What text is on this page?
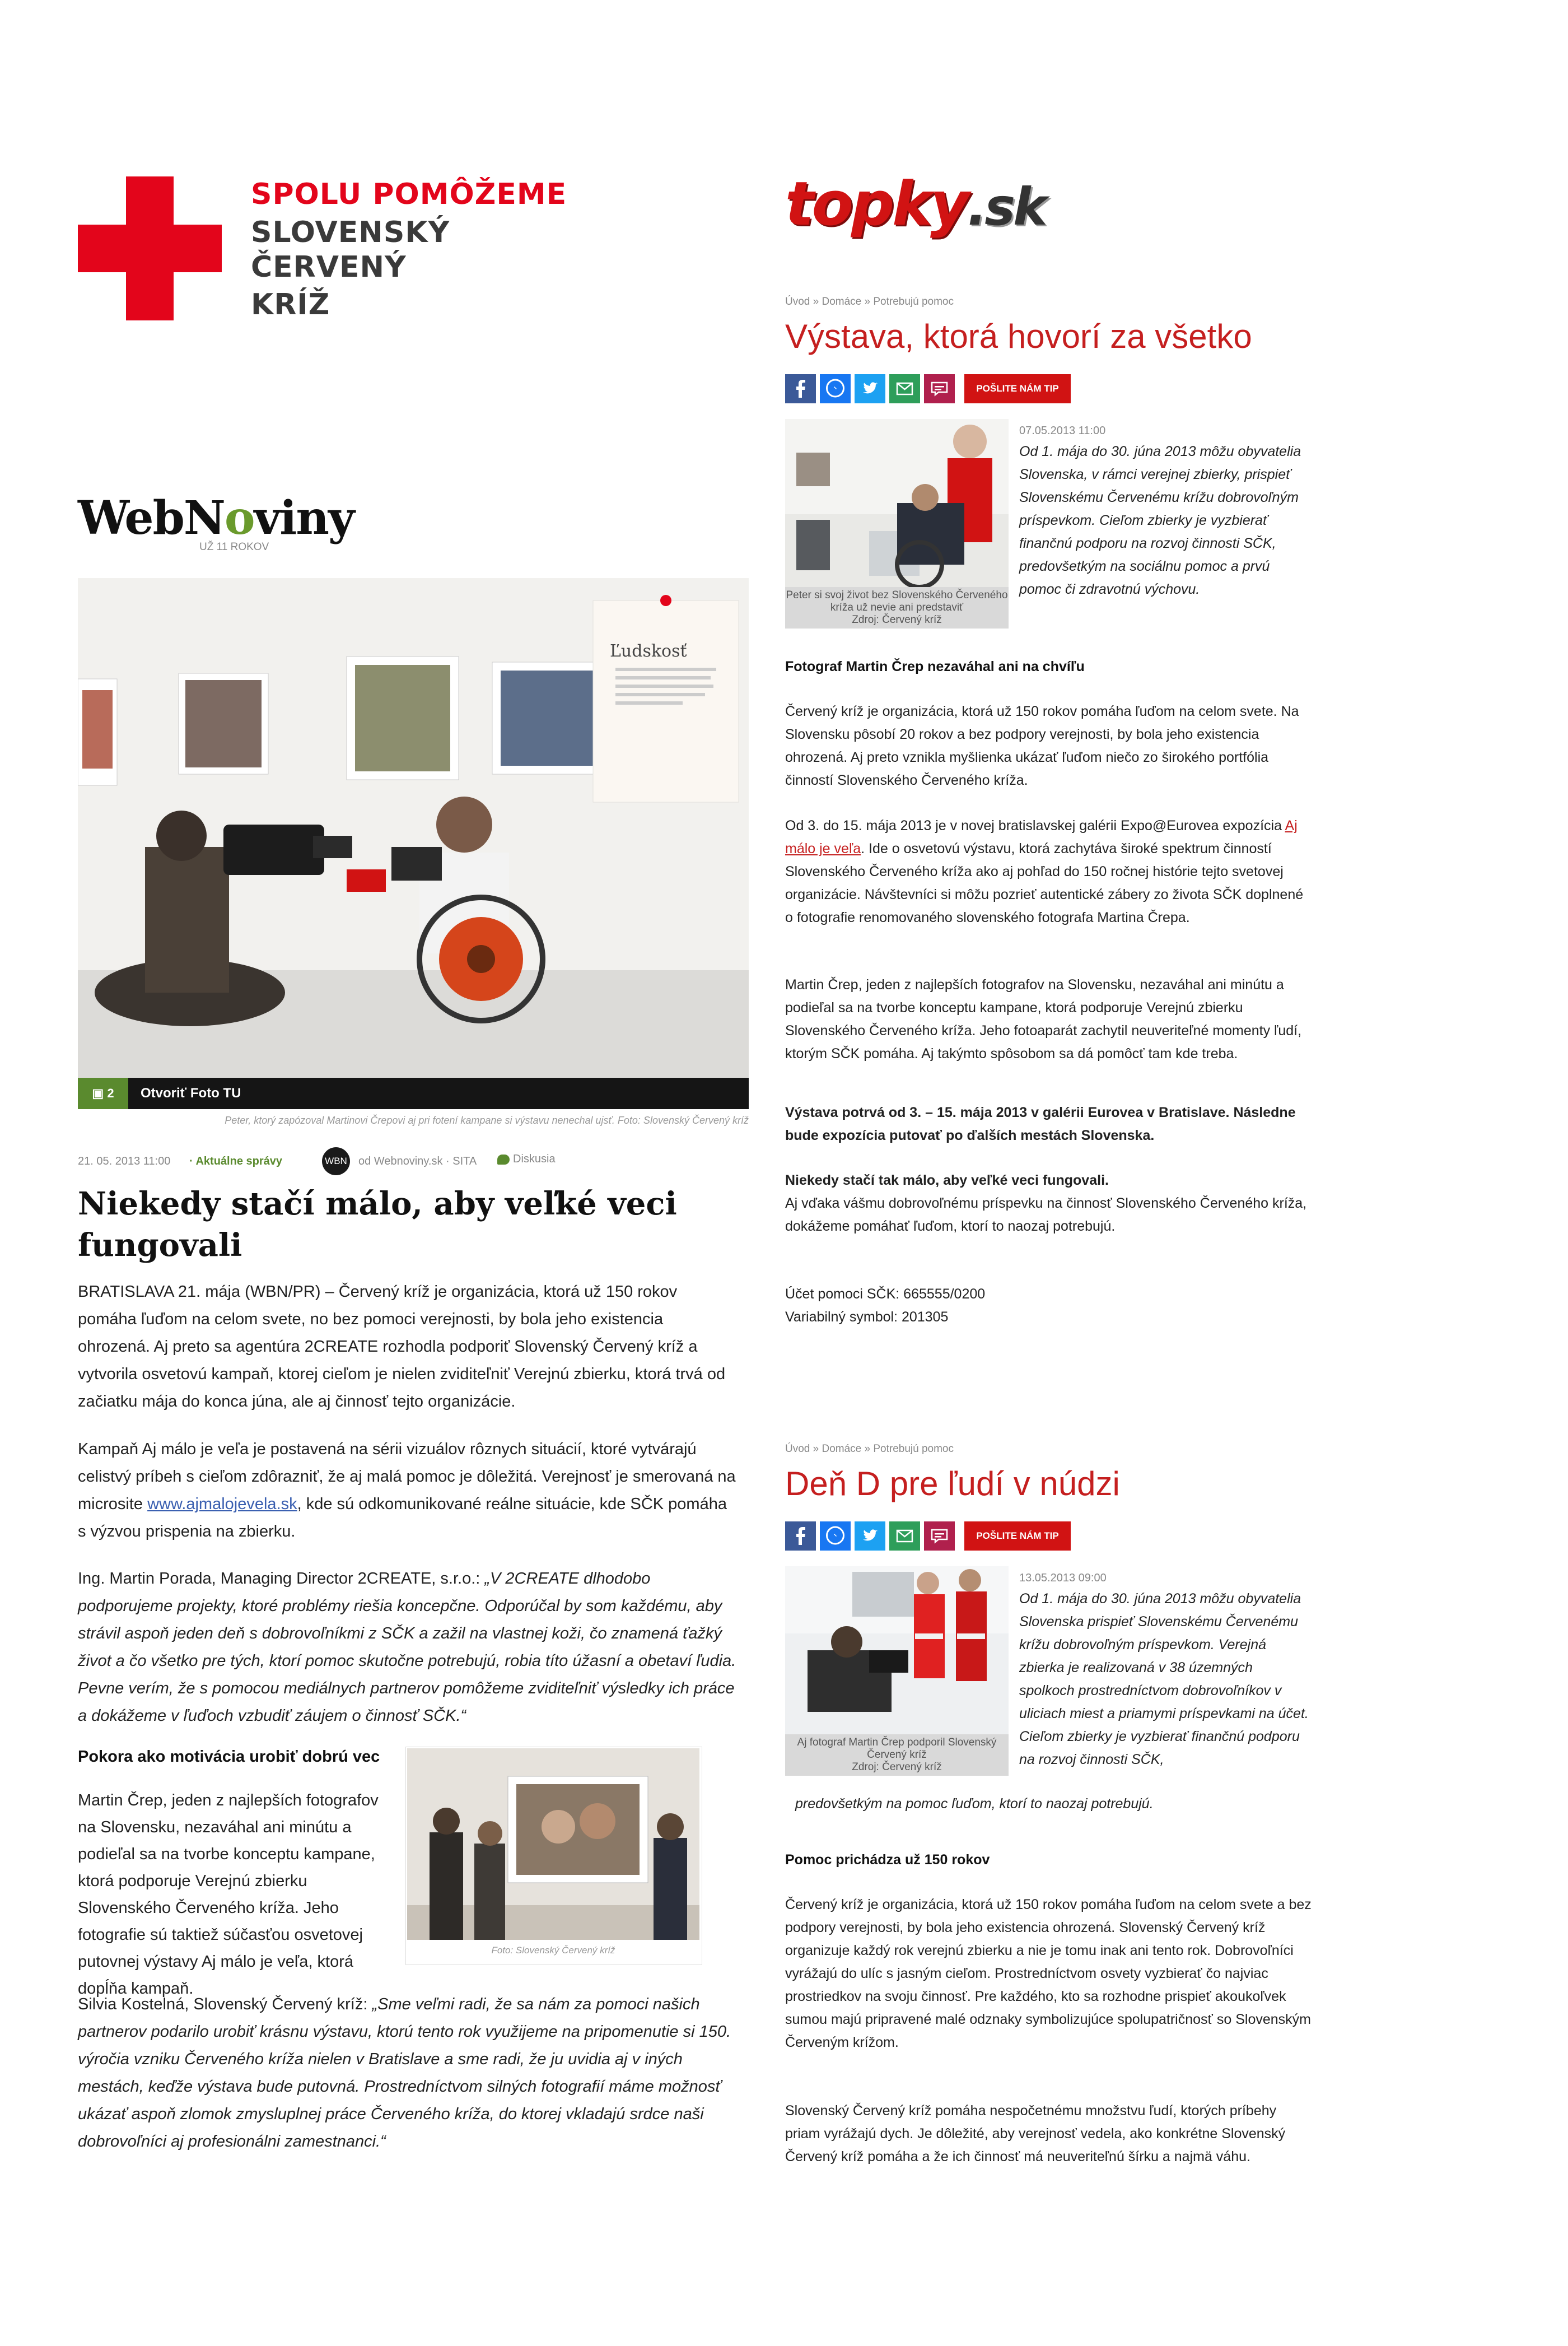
SPOLU POMÔŽEME
SLOVENSKÝ
ČERVENÝ
KRÍŽ
WebNoviny
UŽ 11 ROKOV
Ľudskosť
▣ 2	Otvoriť Foto TU
Peter, ktorý zapózoval Martinovi Črepovi aj pri fotení kampane si výstavu nenechal ujsť. Foto: Slovenský Červený kríž
21. 05. 2013 11:00 · Aktuálne správy	WBN od Webnoviny.sk · SITA	Diskusia
Niekedy stačí málo, aby veľké veci fungovali
BRATISLAVA 21. mája (WBN/PR) – Červený kríž je organizácia, ktorá už 150 rokov pomáha ľuďom na celom svete, no bez pomoci verejnosti, by bola jeho existencia ohrozená. Aj preto sa agentúra 2CREATE rozhodla podporiť Slovenský Červený kríž a vytvorila osvetovú kampaň, ktorej cieľom je nielen zviditeľniť Verejnú zbierku, ktorá trvá od začiatku mája do konca júna, ale aj činnosť tejto organizácie.
Kampaň Aj málo je veľa je postavená na sérii vizuálov rôznych situácií, ktoré vytvárajú celistvý príbeh s cieľom zdôrazniť, že aj malá pomoc je dôležitá. Verejnosť je smerovaná na microsite www.ajmalojevela.sk, kde sú odkomunikované reálne situácie, kde SČK pomáha s výzvou prispenia na zbierku.
Ing. Martin Porada, Managing Director 2CREATE, s.r.o.: „V 2CREATE dlhodobo podporujeme projekty, ktoré problémy riešia koncepčne. Odporúčal by som každému, aby strávil aspoň jeden deň s dobrovoľníkmi z SČK a zažil na vlastnej koži, čo znamená ťažký život a čo všetko pre tých, ktorí pomoc skutočne potrebujú, robia títo úžasní a obetaví ľudia. Pevne verím, že s pomocou mediálnych partnerov pomôžeme zviditeľniť výsledky ich práce a dokážeme v ľuďoch vzbudiť záujem o činnosť SČK.“
Pokora ako motivácia urobiť dobrú vec
Martin Črep, jeden z najlepších fotografov na Slovensku, nezaváhal ani minútu a podieľal sa na tvorbe konceptu kampane, ktorá podporuje Verejnú zbierku Slovenského Červeného kríža. Jeho fotografie sú taktiež súčasťou osvetovej putovnej výstavy Aj málo je veľa, ktorá dopĺňa kampaň.
Foto: Slovenský Červený kríž
Silvia Kostelná, Slovenský Červený kríž: „Sme veľmi radi, že sa nám za pomoci našich partnerov podarilo urobiť krásnu výstavu, ktorú tento rok využijeme na pripomenutie si 150. výročia vzniku Červeného kríža nielen v Bratislave a sme radi, že ju uvidia aj v iných mestách, keďže výstava bude putovná. Prostredníctvom silných fotografií máme možnosť ukázať aspoň zlomok zmysluplnej práce Červeného kríža, do ktorej vkladajú srdce naši dobrovoľníci aj profesionálni zamestnanci.“
topky.sk
Úvod » Domáce » Potrebujú pomoc
Výstava, ktorá hovorí za všetko
POŠLITE NÁM TIP
Peter si svoj život bez Slovenského Červeného kríža už nevie ani predstaviť
Zdroj: Červený kríž
07.05.2013 11:00
Od 1. mája do 30. júna 2013 môžu obyvatelia Slovenska, v rámci verejnej zbierky, prispieť Slovenskému Červenému krížu dobrovoľným príspevkom. Cieľom zbierky je vyzbierať finančnú podporu na rozvoj činnosti SČK, predovšetkým na sociálnu pomoc a prvú pomoc či zdravotnú výchovu.
Fotograf Martin Črep nezaváhal ani na chvíľu
Červený kríž je organizácia, ktorá už 150 rokov pomáha ľuďom na celom svete. Na Slovensku pôsobí 20 rokov a bez podpory verejnosti, by bola jeho existencia ohrozená. Aj preto vznikla myšlienka ukázať ľuďom niečo zo širokého portfólia činností Slovenského Červeného kríža.
Od 3. do 15. mája 2013 je v novej bratislavskej galérii Expo@Eurovea expozícia Aj málo je veľa. Ide o osvetovú výstavu, ktorá zachytáva široké spektrum činností Slovenského Červeného kríža ako aj pohľad do 150 ročnej histórie tejto svetovej organizácie. Návštevníci si môžu pozrieť autentické zábery zo života SČK doplnené o fotografie renomovaného slovenského fotografa Martina Črepa.
Martin Črep, jeden z najlepších fotografov na Slovensku, nezaváhal ani minútu a podieľal sa na tvorbe konceptu kampane, ktorá podporuje Verejnú zbierku Slovenského Červeného kríža. Jeho fotoaparát zachytil neuveriteľné momenty ľudí, ktorým SČK pomáha. Aj takýmto spôsobom sa dá pomôcť tam kde treba.
Výstava potrvá od 3. – 15. mája 2013 v galérii Eurovea v Bratislave. Následne bude expozícia putovať po ďalších mestách Slovenska.
Niekedy stačí tak málo, aby veľké veci fungovali.
Aj vďaka vášmu dobrovoľnému príspevku na činnosť Slovenského Červeného kríža, dokážeme pomáhať ľuďom, ktorí to naozaj potrebujú.
Účet pomoci SČK: 665555/0200
Variabilný symbol: 201305
Úvod » Domáce » Potrebujú pomoc
Deň D pre ľudí v núdzi
POŠLITE NÁM TIP
Aj fotograf Martin Črep podporil Slovenský Červený kríž
Zdroj: Červený kríž
13.05.2013 09:00
Od 1. mája do 30. júna 2013 môžu obyvatelia Slovenska prispieť Slovenskému Červenému krížu dobrovoľným príspevkom. Verejná zbierka je realizovaná v 38 územných spolkoch prostredníctvom dobrovoľníkov v uliciach miest a priamymi príspevkami na účet. Cieľom zbierky je vyzbierať finančnú podporu na rozvoj činnosti SČK,
predovšetkým na pomoc ľuďom, ktorí to naozaj potrebujú.
Pomoc prichádza už 150 rokov
Červený kríž je organizácia, ktorá už 150 rokov pomáha ľuďom na celom svete a bez podpory verejnosti, by bola jeho existencia ohrozená. Slovenský Červený kríž organizuje každý rok verejnú zbierku a nie je tomu inak ani tento rok. Dobrovoľníci vyrážajú do ulíc s jasným cieľom. Prostredníctvom osvety vyzbierať čo najviac prostriedkov na svoju činnosť. Pre každého, kto sa rozhodne prispieť akoukoľvek sumou majú pripravené malé odznaky symbolizujúce spolupatričnosť so Slovenským Červeným krížom.
Slovenský Červený kríž pomáha nespočetnému množstvu ľudí, ktorých príbehy priam vyrážajú dych. Je dôležité, aby verejnosť vedela, ako konkrétne Slovenský Červený kríž pomáha a že ich činnosť má neuveriteľnú šírku a najmä váhu.
